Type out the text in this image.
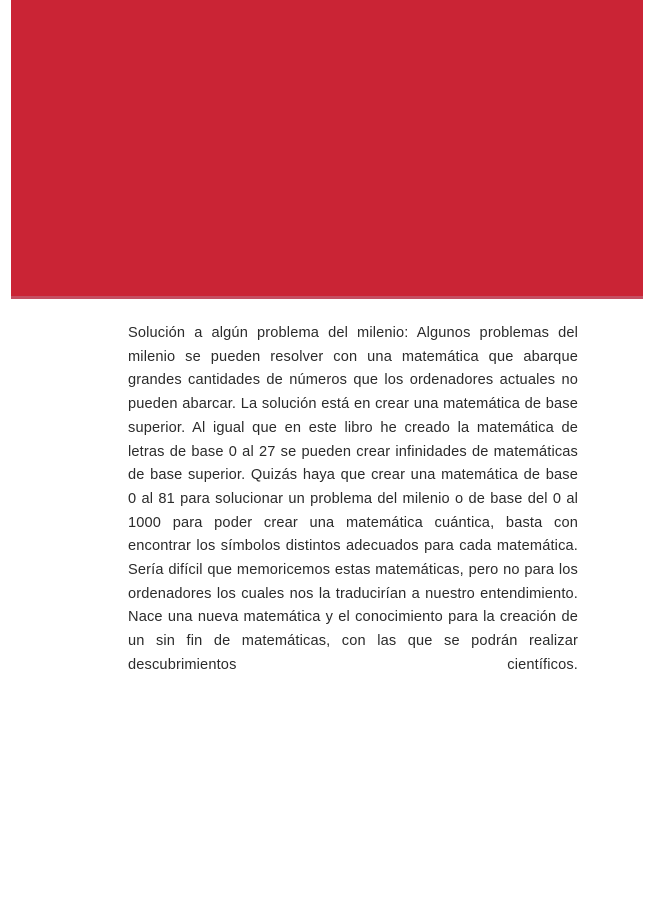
Solución a algún problema del milenio: Algunos problemas del milenio se pueden resolver con una matemática que abarque grandes cantidades de números que los ordenadores actuales no pueden abarcar. La solución está en crear una matemática de base superior. Al igual que en este libro he creado la matemática de letras de base 0 al 27 se pueden crear infinidades de matemáticas de base superior. Quizás haya que crear una matemática de base 0 al 81 para solucionar un problema del milenio o de base del 0 al 1000 para poder crear una matemática cuántica, basta con encontrar los símbolos distintos adecuados para cada matemática. Sería difícil que memoricemos estas matemáticas, pero no para los ordenadores los cuales nos la traducirían a nuestro entendimiento. Nace una nueva matemática y el conocimiento para la creación de un sin fin de matemáticas, con las que se podrán realizar descubrimientos científicos.
